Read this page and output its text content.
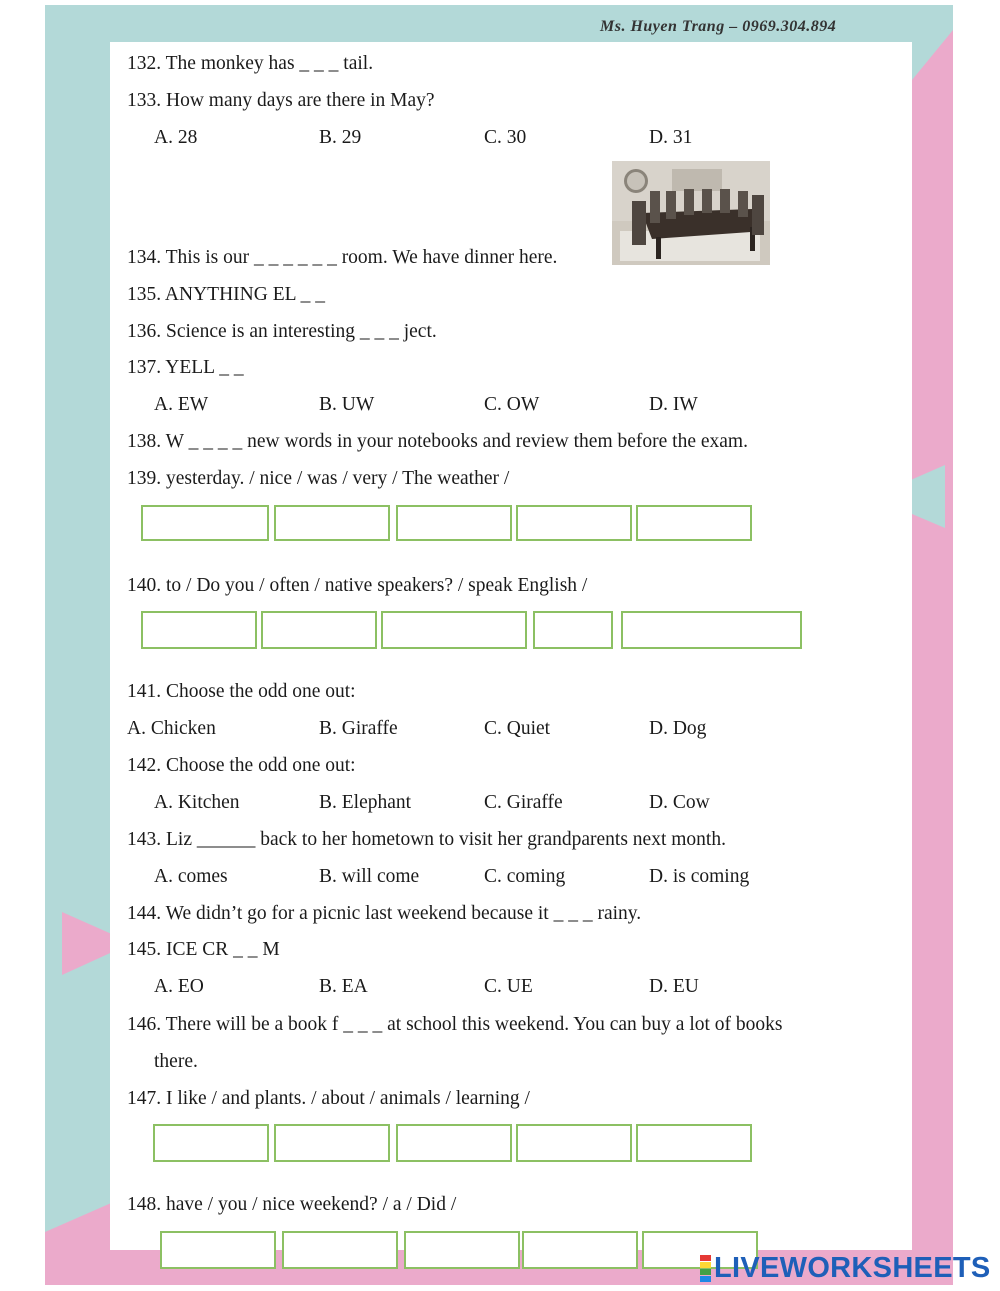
Ms. Huyen Trang – 0969.304.894
132. The monkey has _ _ _ tail.
133. How many days are there in May?
A. 28	B. 29	C. 30	D. 31
134. This is our _ _ _ _ _ _ room. We have dinner here.
135. ANYTHING EL _ _
136. Science is an interesting _ _ _ ject.
137. YELL _ _
A. EW	B. UW	C. OW	D. IW
138. W _ _ _ _ new words in your notebooks and review them before the exam.
139. yesterday. / nice / was / very / The weather /
140. to / Do you / often / native speakers? / speak English /
141. Choose the odd one out:
A. Chicken	B. Giraffe	C. Quiet	D. Dog
142. Choose the odd one out:
A. Kitchen	B. Elephant	C. Giraffe	D. Cow
143. Liz ______ back to her hometown to visit her grandparents next month.
A. comes	B. will come	C. coming	D. is coming
144. We didn’t go for a picnic last weekend because it _ _ _ rainy.
145. ICE CR _ _ M
A. EO	B. EA	C. UE	D. EU
146. There will be a book f _ _ _ at school this weekend. You can buy a lot of books
there.
147. I like / and plants. / about / animals / learning /
148. have / you / nice weekend? / a / Did /
LIVEWORKSHEETS
